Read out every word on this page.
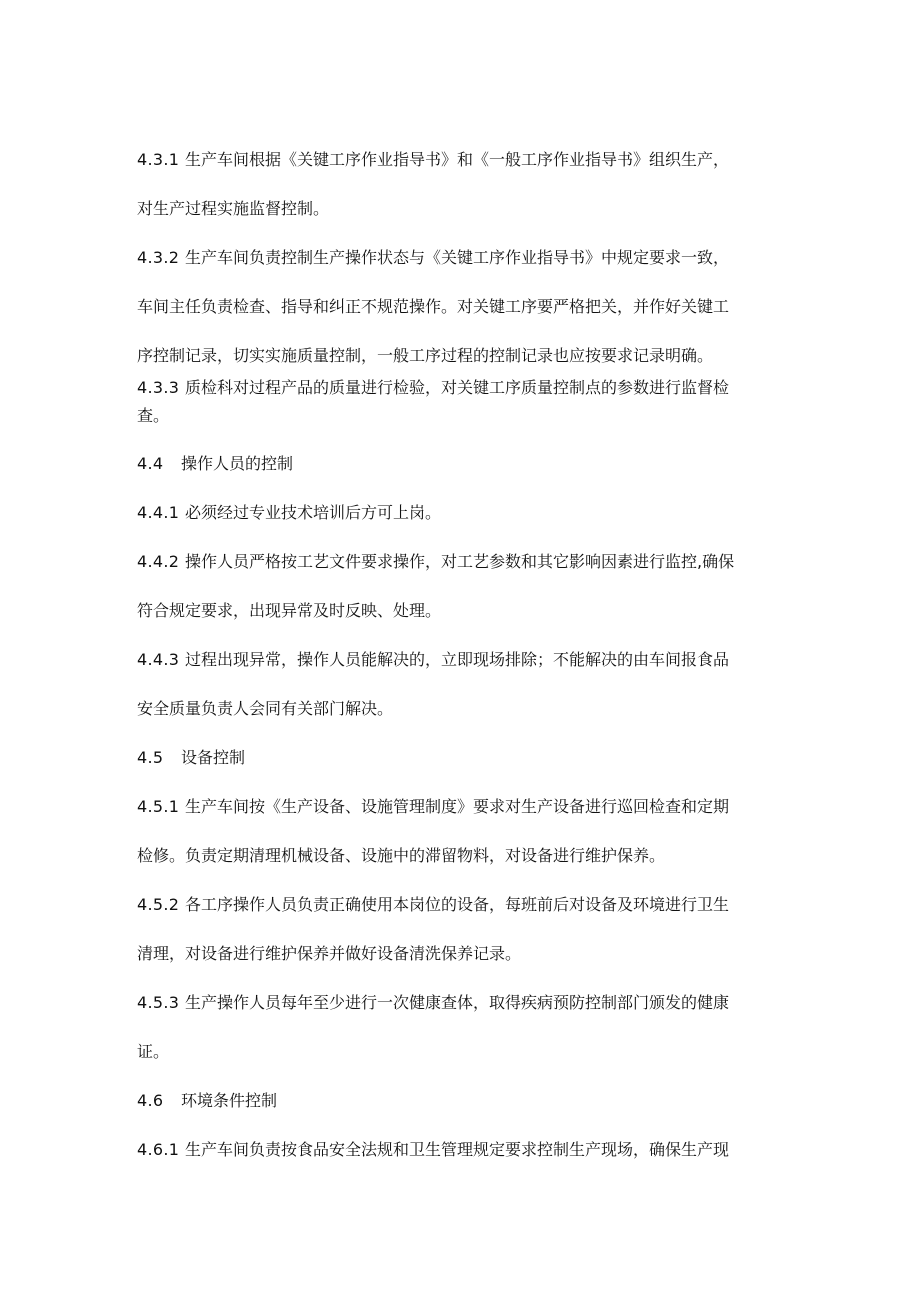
4.3.1 生产车间根据《关键工序作业指导书》和《一般工序作业指导书》组织生产，
对生产过程实施监督控制。
4.3.2 生产车间负责控制生产操作状态与《关键工序作业指导书》中规定要求一致，
车间主任负责检查、指导和纠正不规范操作。对关键工序要严格把关，并作好关键工
序控制记录，切实实施质量控制，一般工序过程的控制记录也应按要求记录明确。
4.3.3 质检科对过程产品的质量进行检验，对关键工序质量控制点的参数进行监督检
查。
4.4 操作人员的控制
4.4.1 必须经过专业技术培训后方可上岗。
4.4.2 操作人员严格按工艺文件要求操作，对工艺参数和其它影响因素进行监控,确保
符合规定要求，出现异常及时反映、处理。
4.4.3 过程出现异常，操作人员能解决的，立即现场排除；不能解决的由车间报食品
安全质量负责人会同有关部门解决。
4.5 设备控制
4.5.1 生产车间按《生产设备、设施管理制度》要求对生产设备进行巡回检查和定期
检修。负责定期清理机械设备、设施中的滞留物料，对设备进行维护保养。
4.5.2 各工序操作人员负责正确使用本岗位的设备，每班前后对设备及环境进行卫生
清理，对设备进行维护保养并做好设备清洗保养记录。
4.5.3 生产操作人员每年至少进行一次健康查体，取得疾病预防控制部门颁发的健康
证。
4.6 环境条件控制
4.6.1 生产车间负责按食品安全法规和卫生管理规定要求控制生产现场，确保生产现
